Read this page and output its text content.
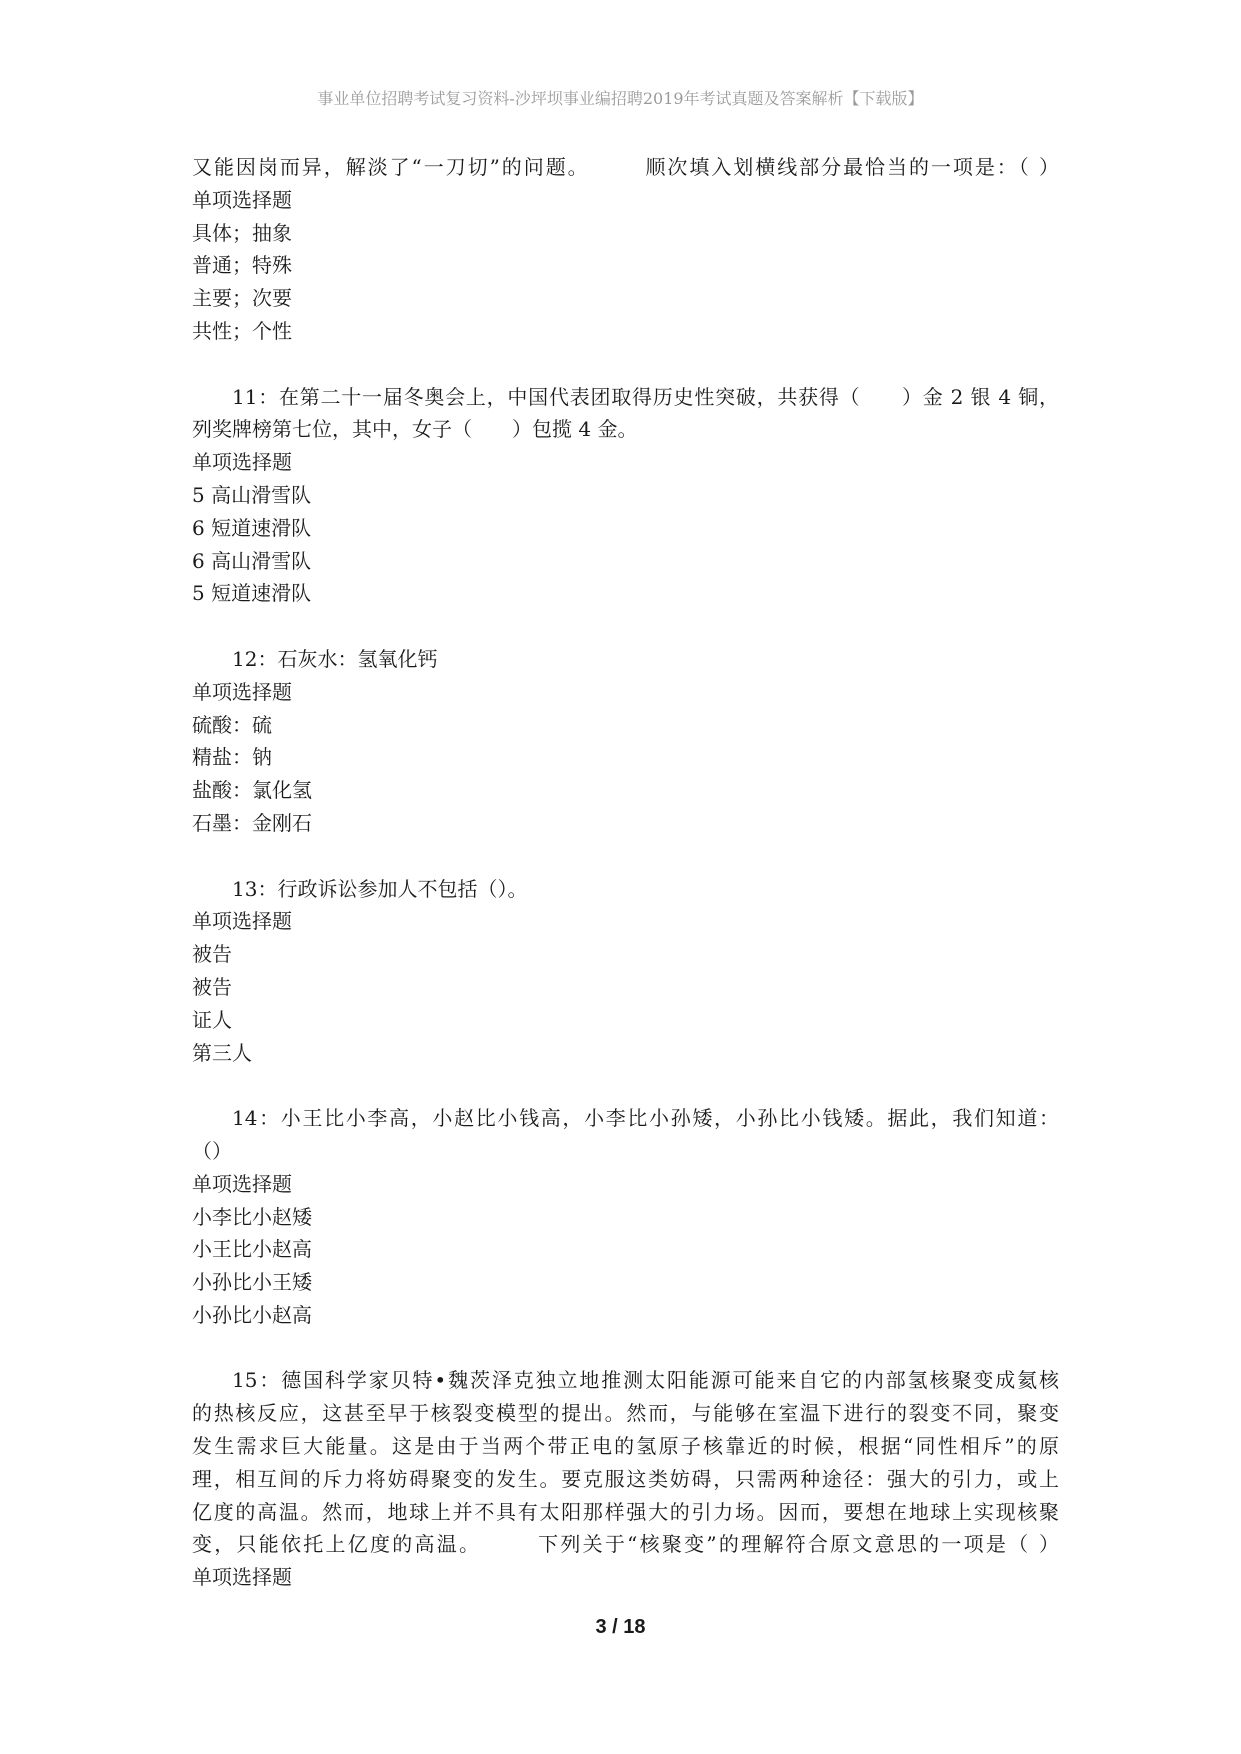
事业单位招聘考试复习资料-沙坪坝事业编招聘2019年考试真题及答案解析【下载版】
又能因岗而异，解淡了“一刀切”的问题。　　　顺次填入划横线部分最恰当的一项是：（ ）
单项选择题
具体；抽象
普通；特殊
主要；次要
共性；个性
11：在第二十一届冬奥会上，中国代表团取得历史性突破，共获得（　　）金 2 银 4 铜，
列奖牌榜第七位，其中，女子（　　）包揽 4 金。
单项选择题
5 高山滑雪队
6 短道速滑队
6 高山滑雪队
5 短道速滑队
12：石灰水：氢氧化钙
单项选择题
硫酸：硫
精盐：钠
盐酸：氯化氢
石墨：金刚石
13：行政诉讼参加人不包括（）。
单项选择题
被告
被告
证人
第三人
14：小王比小李高，小赵比小钱高，小李比小孙矮，小孙比小钱矮。据此，我们知道：
（）
单项选择题
小李比小赵矮
小王比小赵高
小孙比小王矮
小孙比小赵高
15：德国科学家贝特•魏茨泽克独立地推测太阳能源可能来自它的内部氢核聚变成氦核
的热核反应，这甚至早于核裂变模型的提出。然而，与能够在室温下进行的裂变不同，聚变
发生需求巨大能量。这是由于当两个带正电的氢原子核靠近的时候，根据“同性相斥”的原
理，相互间的斥力将妨碍聚变的发生。要克服这类妨碍，只需两种途径：强大的引力，或上
亿度的高温。然而，地球上并不具有太阳那样强大的引力场。因而，要想在地球上实现核聚
变，只能依托上亿度的高温。　　　下列关于“核聚变”的理解符合原文意思的一项是（ ）
单项选择题
3 / 18
